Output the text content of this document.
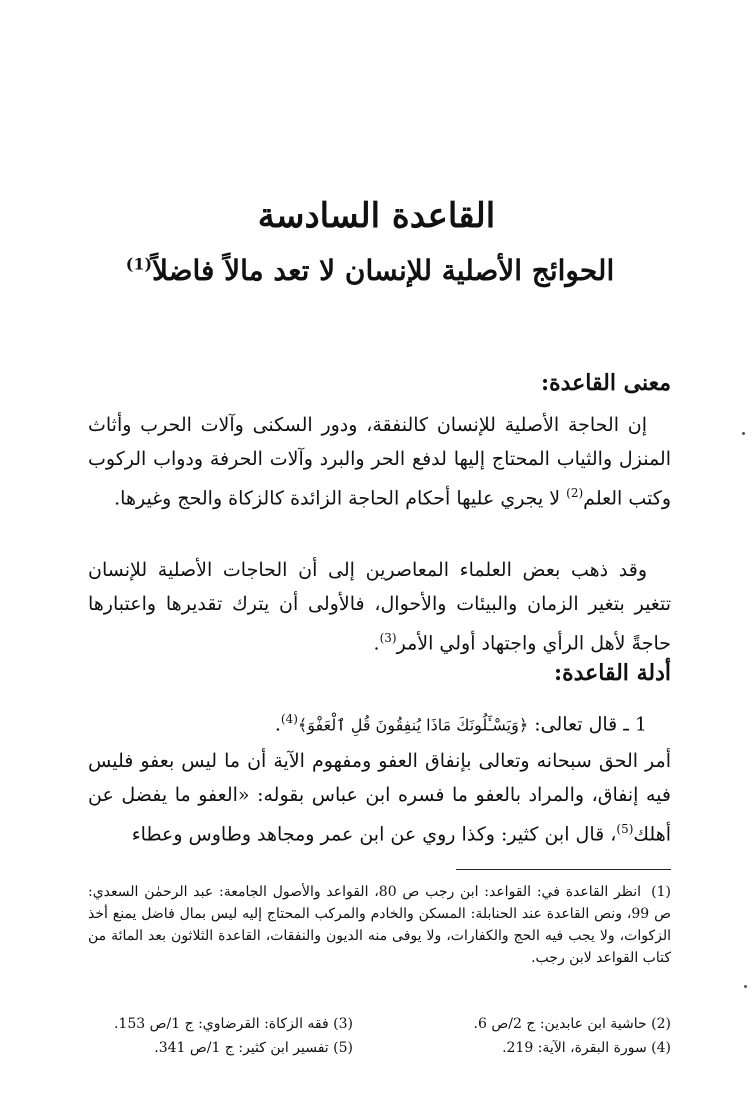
القاعدة السادسة
الحوائج الأصلية للإنسان لا تعد مالاً فاضلاً$^{(1)}$
معنى القاعدة:

إن الحاجة الأصلية للإنسان كالنفقة، ودور السكنى وآلات الحرب وأثاث المنزل والثياب المحتاج إليها لدفع الحر والبرد وآلات الحرفة ودواب الركوب وكتب العلم$^{(2)}$ لا يجري عليها أحكام الحاجة الزائدة كالزكاة والحج وغيرها.

وقد ذهب بعض العلماء المعاصرين إلى أن الحاجات الأصلية للإنسان تتغير بتغير الزمان والبيئات والأحوال، فالأولى أن يترك تقديرها واعتبارها حاجةً لأهل الرأي واجتهاد أولي الأمر$^{(3)}$.

أدلة القاعدة:

1 ـ قال تعالى: ﴿وَيَسْـَٔلُونَكَ مَاذَا يُنفِقُونَ قُلِ ٱلْعَفْوَ﴾$^{(4)}$.

أمر الحق سبحانه وتعالى بإنفاق العفو ومفهوم الآية أن ما ليس بعفو فليس فيه إنفاق، والمراد بالعفو ما فسره ابن عباس بقوله: «العفو ما يفضل عن أهلك$^{(5)}$، قال ابن كثير: وكذا روي عن ابن عمر ومجاهد وطاوس وعطاء

(1)انظر القاعدة في: القواعد: ابن رجب ص 80، القواعد والأصول الجامعة: عبد الرحمٰن السعدي: ص 99، ونص القاعدة عند الحنابلة: المسكن والخادم والمركب المحتاج إليه ليس بمال فاضل يمنع أخذ الزكوات، ولا يجب فيه الحج والكفارات، ولا يوفى منه الديون والنفقات، القاعدة الثلاثون بعد المائة من كتاب القواعد لابن رجب.

(2) حاشية ابن عابدين: ج 2/ص 6.
(3) فقه الزكاة: القرضاوي: ج 1/ص 153.
(4) سورة البقرة، الآية: 219.
(5) تفسير ابن كثير: ج 1/ص 341.
